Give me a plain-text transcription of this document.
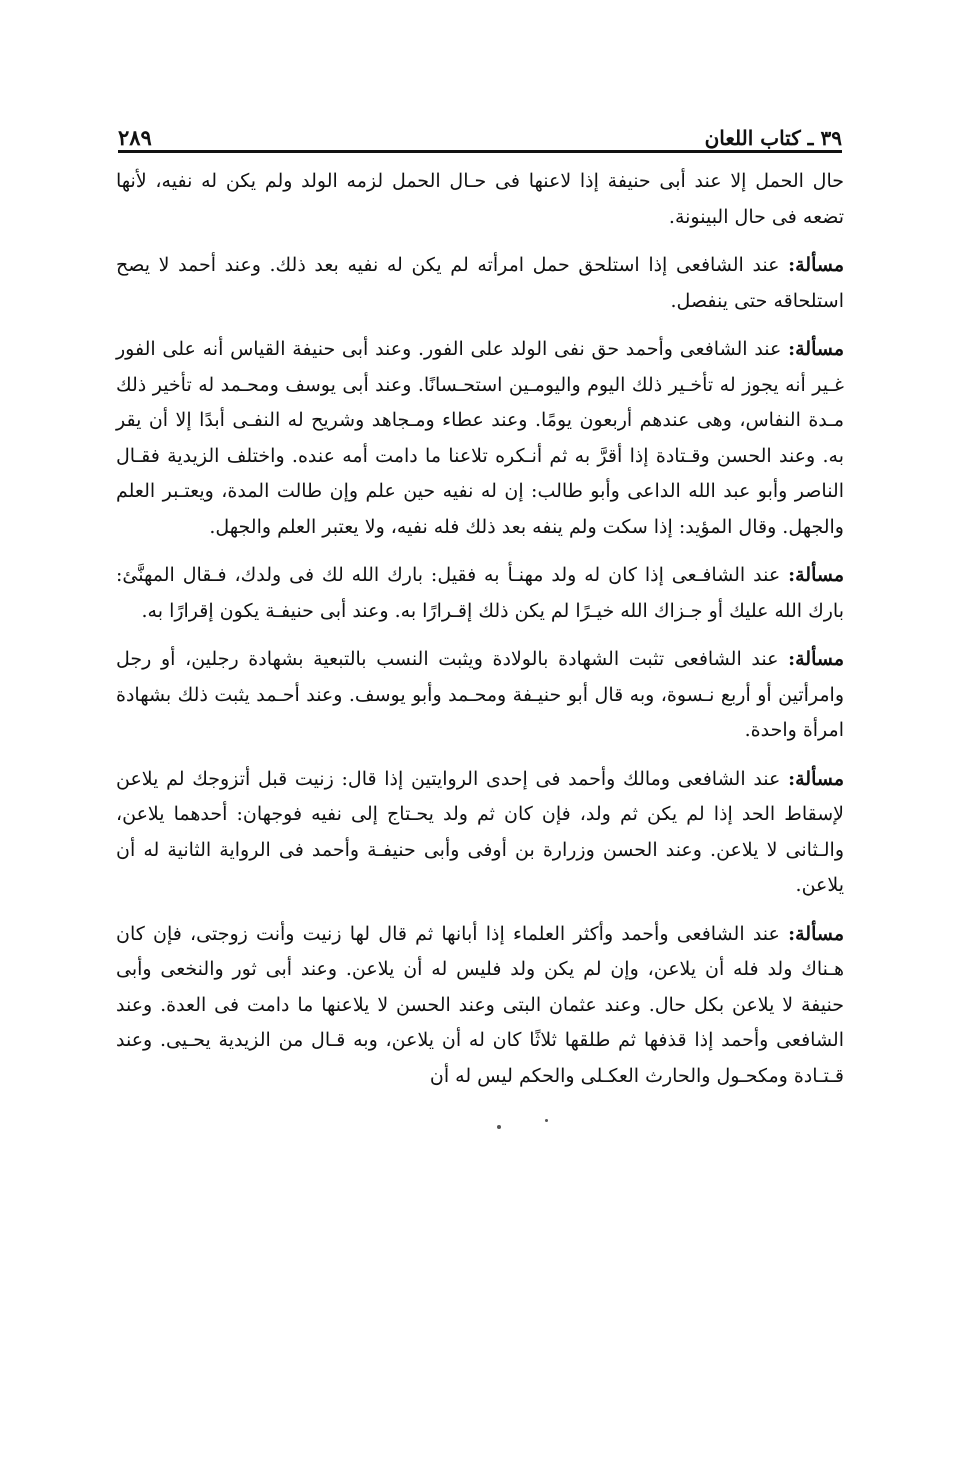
٣٩ ـ كتاب اللعان
٢٨٩

حال الحمل إلا عند أبى حنيفة إذا لاعنها فى حـال الحمل لزمه الولد ولم يكن له نفيه، لأنها تضعه فى حال البينونة.

مسألة: عند الشافعى إذا استلحق حمل امرأته لم يكن له نفيه بعد ذلك. وعند أحمد لا يصح استلحاقه حتى ينفصل.

مسألة: عند الشافعى وأحمد حق نفى الولد على الفور. وعند أبى حنيفة القياس أنه على الفور غـير أنه يجوز له تأخـير ذلك اليوم واليومـين استحـسانًا. وعند أبى يوسف ومحـمد له تأخير ذلك مـدة النفاس، وهى عندهم أربعون يومًا. وعند عطاء ومـجاهد وشريح له النفـى أبدًا إلا أن يقر به. وعند الحسن وقـتادة إذا أقرَّ به ثم أنـكره تلاعنا ما دامت أمه عنده. واختلف الزيدية فقـال الناصر وأبو عبد الله الداعى وأبو طالب: إن له نفيه حين علم وإن طالت المدة، ويعتـبر العلم والجهل. وقال المؤيد: إذا سكت ولم ينفه بعد ذلك فله نفيه، ولا يعتبر العلم والجهل.

مسألة: عند الشافـعى إذا كان له ولد مهنـأ به فقيل: بارك الله لك فى ولدك، فـقال المهنَّئ: بارك الله عليك أو جـزاك الله خيـرًا لم يكن ذلك إقـرارًا به. وعند أبى حنيفـة يكون إقرارًا به.

مسألة: عند الشافعى تثبت الشهادة بالولادة ويثبت النسب بالتبعية بشهادة رجلين، أو رجل وامرأتين أو أربع نـسوة، وبه قال أبو حنيـفة ومحـمد وأبو يوسف. وعند أحـمد يثبت ذلك بشهادة امرأة واحدة.

مسألة: عند الشافعى ومالك وأحمد فى إحدى الروايتين إذا قال: زنيت قبل أتزوجك لم يلاعن لإسقاط الحد إذا لم يكن ثم ولد، فإن كان ثم ولد يحـتاج إلى نفيه فوجهان: أحدهما يلاعن، والـثانى لا يلاعن. وعند الحسن وزرارة بن أوفى وأبى حنيفـة وأحمد فى الرواية الثانية له أن يلاعن.

مسألة: عند الشافعى وأحمد وأكثر العلماء إذا أبانها ثم قال لها زنيت وأنت زوجتى، فإن كان هـناك ولد فله أن يلاعن، وإن لم يكن ولد فليس له أن يلاعن. وعند أبى ثور والنخعى وأبى حنيفة لا يلاعن بكل حال. وعند عثمان البتى وعند الحسن لا يلاعنها ما دامت فى العدة. وعند الشافعى وأحمد إذا قذفها ثم طلقها ثلاثًا كان له أن يلاعن، وبه قـال من الزيدية يحـيى. وعند قـتـادة ومكحـول والحارث العكـلى والحكم ليس له أن
